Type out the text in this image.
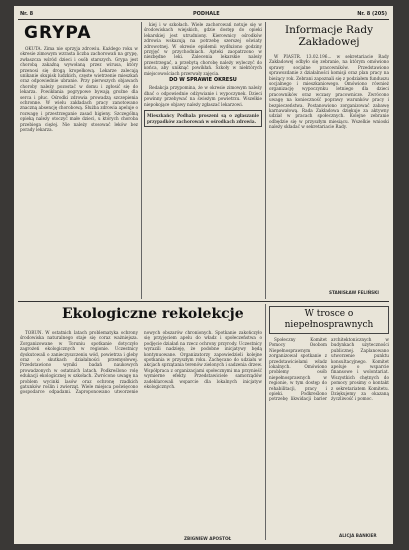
Nr. 8	PODHALE	Nr. 8 (205)
GRYPA

OKUTA. Zima nie sprzyja zdrowiu. Każdego roku w okresie zimowym wzrasta liczba zachorowań na grypę, zwłaszcza wśród dzieci i osób starszych. Grypa jest chorobą zakaźną wywołaną przez wirusa, który przenosi się drogą kropelkową. Lekarze zalecają unikanie skupisk ludzkich, częste wietrzenie mieszkań oraz odpowiednie ubranie. Przy pierwszych objawach choroby należy pozostać w domu i zgłosić się do lekarza. Powikłania pogrypowe bywają groźne dla serca i płuc. Ośrodki zdrowia prowadzą szczepienia ochronne. W wielu zakładach pracy zanotowano znaczną absencję chorobową. Służba zdrowia apeluje o rozwagę i przestrzeganie zasad higieny. Szczególną opieką należy otoczyć małe dzieci, u których choroba przebiega ciężej. Nie należy stosować leków bez porady lekarza.

kiej i w szkołach. Wiele zachorowań notuje się w środowiskach wiejskich, gdzie dostęp do opieki lekarskiej jest utrudniony. Kierownicy ośrodków zdrowia wskazują na potrzebę szerszej oświaty zdrowotnej. W okresie epidemii wydłużono godziny przyjęć w przychodniach. Apteki zaopatrzono w niezbędne leki. Zalecenia lekarskie należy przestrzegać, a przebytą chorobę należy wyleczyć do końca, aby uniknąć powikłań. Szkoły w niektórych miejscowościach przerwały zajęcia.

DO W SPRAWIE OKRESU

Redakcja przypomina, że w okresie zimowym należy dbać o odpowiednie odżywianie i wypoczynek. Dzieci powinny przebywać na świeżym powietrzu. Wszelkie niepokojące objawy należy zgłaszać lekarzowi.

Mieszkańcy Podhala proszeni są o zgłaszanie przypadków zachorowań w ośrodkach zdrowia.
Informacje Rady Zakładowej

W PIASTR. 13.02.196... w sekretariacie Rady Zakładowej odbyło się zebranie, na którym omówiono sprawy socjalne pracowników. Przedstawiono sprawozdanie z działalności komisji oraz plan pracy na bieżący rok. Zebrani zapoznali się z podziałem funduszu socjalnego i mieszkaniowego. Omówiono również organizację wypoczynku letniego dla dzieci pracowników oraz wczasy pracownicze. Zwrócono uwagę na konieczność poprawy warunków pracy i bezpieczeństwa. Postanowiono zorganizować zabawę karnawałową. Rada Zakładowa dziękuje za aktywny udział w pracach społecznych. Kolejne zebranie odbędzie się w przyszłym miesiącu. Wszelkie wnioski należy składać w sekretariacie Rady.

STANISŁAW FELIŃSKI
Ekologiczne rekolekcje

TORUŃ. W ostatnich latach problematyka ochrony środowiska naturalnego staje się coraz ważniejsza. Zorganizowane w Toruniu spotkanie dotyczyło zagrożeń ekologicznych w regionie. Uczestnicy dyskutowali o zanieczyszczeniu wód, powietrza i gleby oraz o skutkach działalności przemysłowej. Przedstawiono wyniki badań naukowych prowadzonych w ostatnich latach. Podkreślono rolę edukacji ekologicznej w szkołach. Zwrócono uwagę na problem wycinki lasów oraz ochronę rzadkich gatunków roślin i zwierząt. Wiele miejsca poświęcono gospodarce odpadami. Zaproponowano utworzenie nowych obszarów chronionych. Spotkanie zakończyło się przyjęciem apelu do władz i społeczeństwa o podjęcie działań na rzecz ochrony przyrody. Uczestnicy wyrazili nadzieję, że podobne inicjatywy będą kontynuowane. Organizatorzy zapowiedzieli kolejne spotkania w przyszłym roku. Zachęcano do udziału w akcjach sprzątania terenów zielonych i sadzenia drzew. Współpraca z organizacjami społecznymi ma przynieść wymierne efekty. Przedstawiciele samorządów zadeklarowali wsparcie dla lokalnych inicjatyw ekologicznych.

ZBIGNIEW APOSTOŁ
W trosce o niepełnosprawnych

Społeczny Komitet Pomocy Osobom Niepełnosprawnym zorganizował spotkanie z przedstawicielami władz lokalnych. Omówiono problemy osób niepełnosprawnych w regionie, w tym dostęp do rehabilitacji, pracy i opieki. Podkreślono potrzebę likwidacji barier architektonicznych w budynkach użyteczności publicznej. Zaplanowano utworzenie punktu konsultacyjnego. Komitet apeluje o wsparcie finansowe i wolontariat. Wszystkich chętnych do pomocy prosimy o kontakt z sekretariatem Komitetu. Dziękujemy za okazaną życzliwość i pomoc.

ALICJA BANKIER
